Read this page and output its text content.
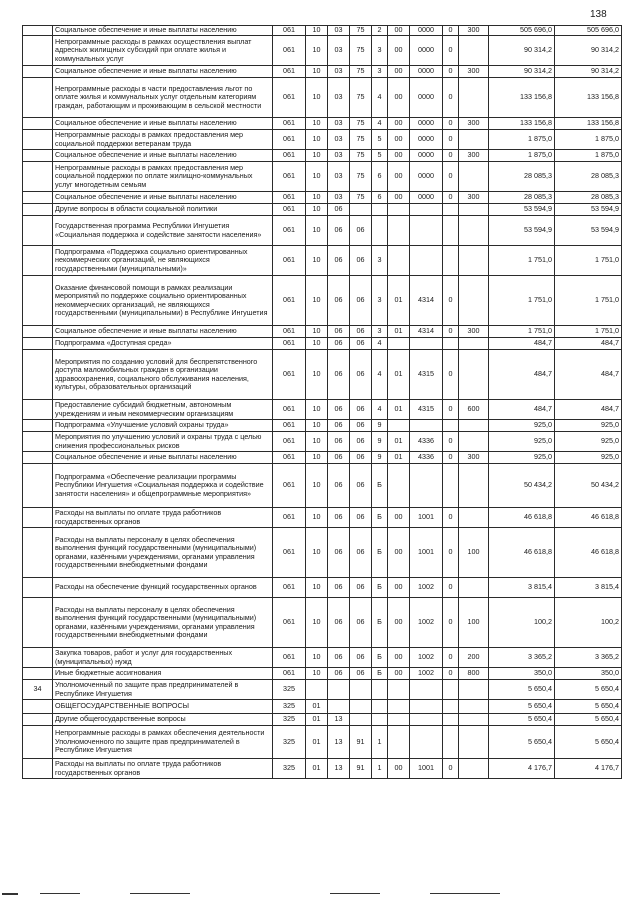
138
	Социальное обеспечение и иные выплаты населению	061	10	03	75	2	00	0000	0	300	505 696,0	505 696,0
	Непрограммные расходы в рамках осуществления выплат адресных жилищных субсидий при оплате жилья и коммунальных услуг	061	10	03	75	3	00	0000	0		90 314,2	90 314,2
	Социальное обеспечение и иные выплаты населению	061	10	03	75	3	00	0000	0	300	90 314,2	90 314,2
	Непрограммные расходы в части предоставления льгот по оплате жилья и коммунальных услуг отдельным категориям граждан, работающим и проживающим в сельской местности	061	10	03	75	4	00	0000	0		133 156,8	133 156,8
	Социальное обеспечение и иные выплаты населению	061	10	03	75	4	00	0000	0	300	133 156,8	133 156,8
	Непрограммные расходы в рамках предоставления мер социальной поддержки ветеранам труда	061	10	03	75	5	00	0000	0		1 875,0	1 875,0
	Социальное обеспечение и иные выплаты населению	061	10	03	75	5	00	0000	0	300	1 875,0	1 875,0
	Непрограммные расходы в рамках предоставления мер социальной поддержки по оплате жилищно-коммунальных услуг многодетным семьям	061	10	03	75	6	00	0000	0		28 085,3	28 085,3
	Социальное обеспечение и иные выплаты населению	061	10	03	75	6	00	0000	0	300	28 085,3	28 085,3
	Другие вопросы в области социальной политики	061	10	06							53 594,9	53 594,9
	Государственная программа Республики Ингушетия «Социальная поддержка и содействие занятости населения»	061	10	06	06						53 594,9	53 594,9
	Подпрограмма «Поддержка социально ориентированных некоммерческих организаций, не являющихся государственными (муниципальными)»	061	10	06	06	3					1 751,0	1 751,0
	Оказание финансовой помощи в рамках реализации мероприятий по поддержке социально ориентированных некоммерческих организаций, не являющихся государственными (муниципальными) в Республике Ингушетия	061	10	06	06	3	01	4314	0		1 751,0	1 751,0
	Социальное обеспечение и иные выплаты населению	061	10	06	06	3	01	4314	0	300	1 751,0	1 751,0
	Подпрограмма «Доступная среда»	061	10	06	06	4					484,7	484,7
	Мероприятия по созданию условий для беспрепятственного доступа маломобильных граждан в организации здравоохранения, социального обслуживания населения, культуры, образовательных организаций	061	10	06	06	4	01	4315	0		484,7	484,7
	Предоставление субсидий бюджетным, автономным учреждениям и иным некоммерческим организациям	061	10	06	06	4	01	4315	0	600	484,7	484,7
	Подпрограмма «Улучшение условий охраны труда»	061	10	06	06	9					925,0	925,0
	Мероприятия по улучшению условий и охраны труда с целью снижения профессиональных рисков	061	10	06	06	9	01	4336	0		925,0	925,0
	Социальное обеспечение и иные выплаты населению	061	10	06	06	9	01	4336	0	300	925,0	925,0
	Подпрограмма «Обеспечение реализации программы Республики Ингушетия «Социальная поддержка и содействие занятости населения» и общепрограммные мероприятия»	061	10	06	06	Б					50 434,2	50 434,2
	Расходы на выплаты по оплате труда работников государственных органов	061	10	06	06	Б	00	1001	0		46 618,8	46 618,8
	Расходы на выплаты персоналу в целях обеспечения выполнения функций государственными (муниципальными) органами, казёнными учреждениями, органами управления государственными внебюджетными фондами	061	10	06	06	Б	00	1001	0	100	46 618,8	46 618,8
	Расходы на обеспечение функций государственных органов	061	10	06	06	Б	00	1002	0		3 815,4	3 815,4
	Расходы на выплаты персоналу в целях обеспечения выполнения функций государственными (муниципальными) органами, казёнными учреждениями, органами управления государственными внебюджетными фондами	061	10	06	06	Б	00	1002	0	100	100,2	100,2
	Закупка товаров, работ и услуг для государственных (муниципальных) нужд	061	10	06	06	Б	00	1002	0	200	3 365,2	3 365,2
	Иные бюджетные ассигнования	061	10	06	06	Б	00	1002	0	800	350,0	350,0
34	Уполномоченный по защите прав предпринимателей в Республике Ингушетия	325									5 650,4	5 650,4
	ОБЩЕГОСУДАРСТВЕННЫЕ ВОПРОСЫ	325	01								5 650,4	5 650,4
	Другие общегосударственные вопросы	325	01	13							5 650,4	5 650,4
	Непрограммные расходы в рамках обеспечения деятельности Уполномоченного по защите прав предпринимателей в Республике Ингушетия	325	01	13	91	1					5 650,4	5 650,4
	Расходы на выплаты по оплате труда работников государственных органов	325	01	13	91	1	00	1001	0		4 176,7	4 176,7
